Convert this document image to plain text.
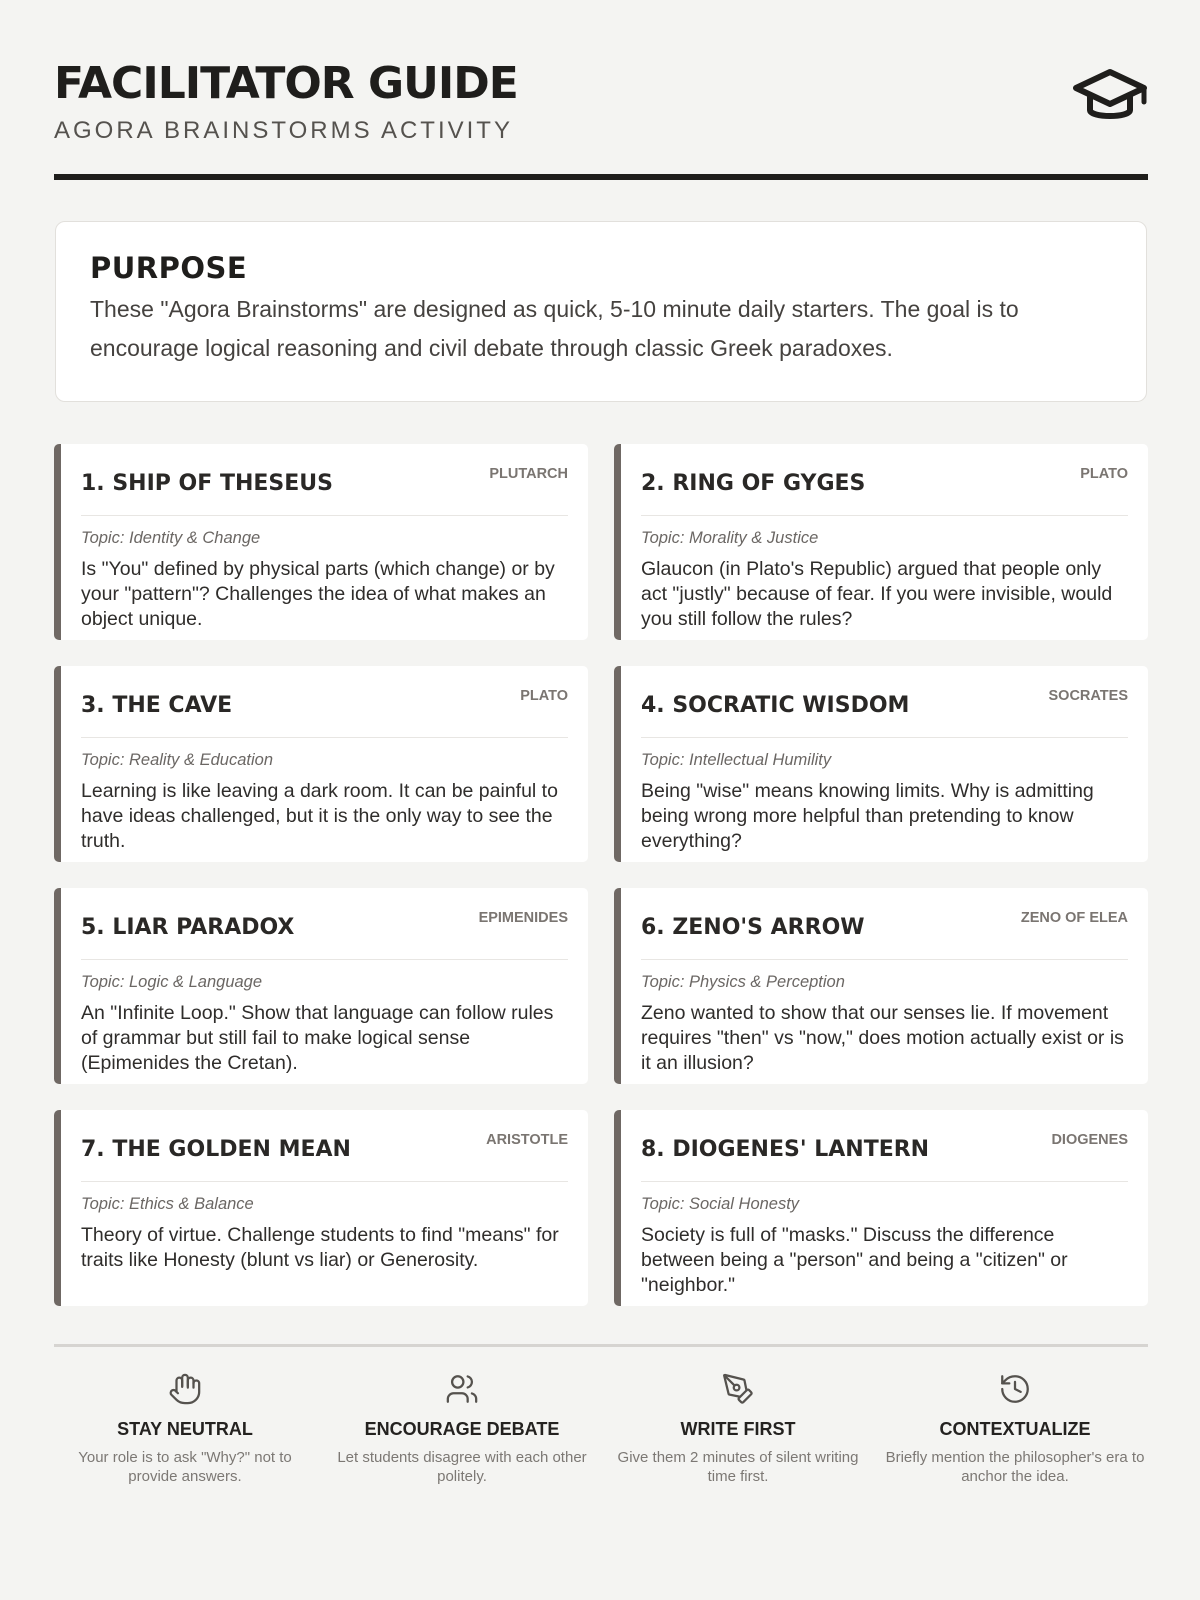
FACILITATOR GUIDE
AGORA BRAINSTORMS ACTIVITY
PURPOSE
These "Agora Brainstorms" are designed as quick, 5-10 minute daily starters. The goal is to encourage logical reasoning and civil debate through classic Greek paradoxes.
1. SHIP OF THESEUS	PLUTARCH
Topic: Identity & Change
Is "You" defined by physical parts (which change) or by your "pattern"? Challenges the idea of what makes an object unique.
2. RING OF GYGES	PLATO
Topic: Morality & Justice
Glaucon (in Plato's Republic) argued that people only act "justly" because of fear. If you were invisible, would you still follow the rules?
3. THE CAVE	PLATO
Topic: Reality & Education
Learning is like leaving a dark room. It can be painful to have ideas challenged, but it is the only way to see the truth.
4. SOCRATIC WISDOM	SOCRATES
Topic: Intellectual Humility
Being "wise" means knowing limits. Why is admitting being wrong more helpful than pretending to know everything?
5. LIAR PARADOX	EPIMENIDES
Topic: Logic & Language
An "Infinite Loop." Show that language can follow rules of grammar but still fail to make logical sense (Epimenides the Cretan).
6. ZENO'S ARROW	ZENO OF ELEA
Topic: Physics & Perception
Zeno wanted to show that our senses lie. If movement requires "then" vs "now," does motion actually exist or is it an illusion?
7. THE GOLDEN MEAN	ARISTOTLE
Topic: Ethics & Balance
Theory of virtue. Challenge students to find "means" for traits like Honesty (blunt vs liar) or Generosity.
8. DIOGENES' LANTERN	DIOGENES
Topic: Social Honesty
Society is full of "masks." Discuss the difference between being a "person" and being a "citizen" or "neighbor."
STAY NEUTRAL
Your role is to ask "Why?" not to provide answers.
ENCOURAGE DEBATE
Let students disagree with each other politely.
WRITE FIRST
Give them 2 minutes of silent writing time first.
CONTEXTUALIZE
Briefly mention the philosopher's era to anchor the idea.
